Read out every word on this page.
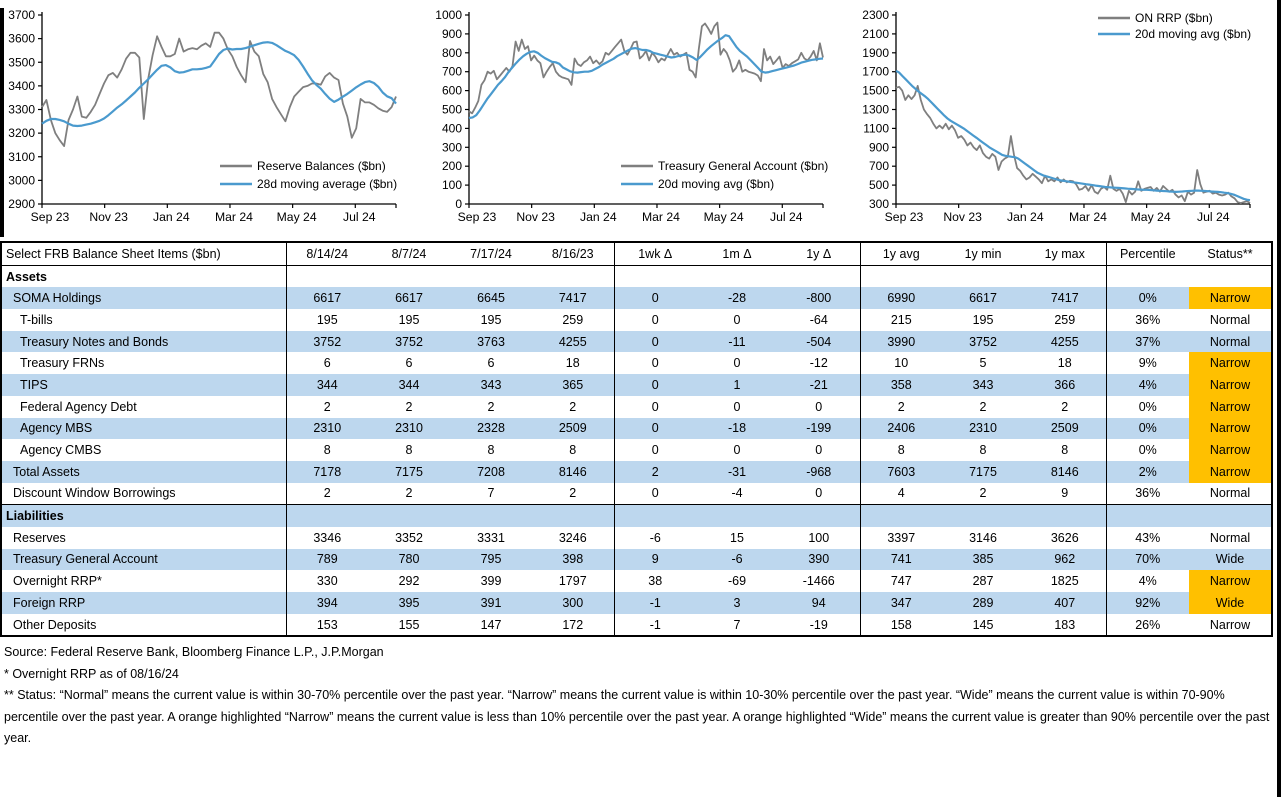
3700
3600
3500
3400
3300
3200
3100
3000
2900
Sep 23 Nov 23 Jan 24 Mar 24 May 24 Jul 24
Reserve Balances ($bn)
28d moving average ($bn)
1000
900
800
700
600
500
400
300
200
100
0
Sep 23 Nov 23 Jan 24 Mar 24 May 24 Jul 24
Treasury General Account ($bn)
20d moving avg ($bn)
2300
2100
1900
1700
1500
1300
1100
900
700
500
300
Sep 23 Nov 23 Jan 24 Mar 24 May 24 Jul 24
ON RRP ($bn)
20d moving avg ($bn)
Select FRB Balance Sheet Items ($bn)	8/14/24	8/7/24	7/17/24	8/16/23	1wk Δ	1m Δ	1y Δ	1y avg	1y min	1y max	Percentile	Status**
Assets												
SOMA Holdings	6617	6617	6645	7417	0	-28	-800	6990	6617	7417	0%	Narrow
T-bills	195	195	195	259	0	0	-64	215	195	259	36%	Normal
Treasury Notes and Bonds	3752	3752	3763	4255	0	-11	-504	3990	3752	4255	37%	Normal
Treasury FRNs	6	6	6	18	0	0	-12	10	5	18	9%	Narrow
TIPS	344	344	343	365	0	1	-21	358	343	366	4%	Narrow
Federal Agency Debt	2	2	2	2	0	0	0	2	2	2	0%	Narrow
Agency MBS	2310	2310	2328	2509	0	-18	-199	2406	2310	2509	0%	Narrow
Agency CMBS	8	8	8	8	0	0	0	8	8	8	0%	Narrow
Total Assets	7178	7175	7208	8146	2	-31	-968	7603	7175	8146	2%	Narrow
Discount Window Borrowings	2	2	7	2	0	-4	0	4	2	9	36%	Normal
Liabilities												
Reserves	3346	3352	3331	3246	-6	15	100	3397	3146	3626	43%	Normal
Treasury General Account	789	780	795	398	9	-6	390	741	385	962	70%	Wide
Overnight RRP*	330	292	399	1797	38	-69	-1466	747	287	1825	4%	Narrow
Foreign RRP	394	395	391	300	-1	3	94	347	289	407	92%	Wide
Other Deposits	153	155	147	172	-1	7	-19	158	145	183	26%	Narrow

Source: Federal Reserve Bank, Bloomberg Finance L.P., J.P.Morgan

* Overnight RRP as of 08/16/24

** Status: “Normal” means the current value is within 30-70% percentile over the past year. “Narrow” means the current value is within 10-30% percentile over the past year. “Wide” means the current value is within 70-90% percentile over the past year. A orange highlighted “Narrow” means the current value is less than 10% percentile over the past year. A orange highlighted “Wide” means the current value is greater than 90% percentile over the past year.
